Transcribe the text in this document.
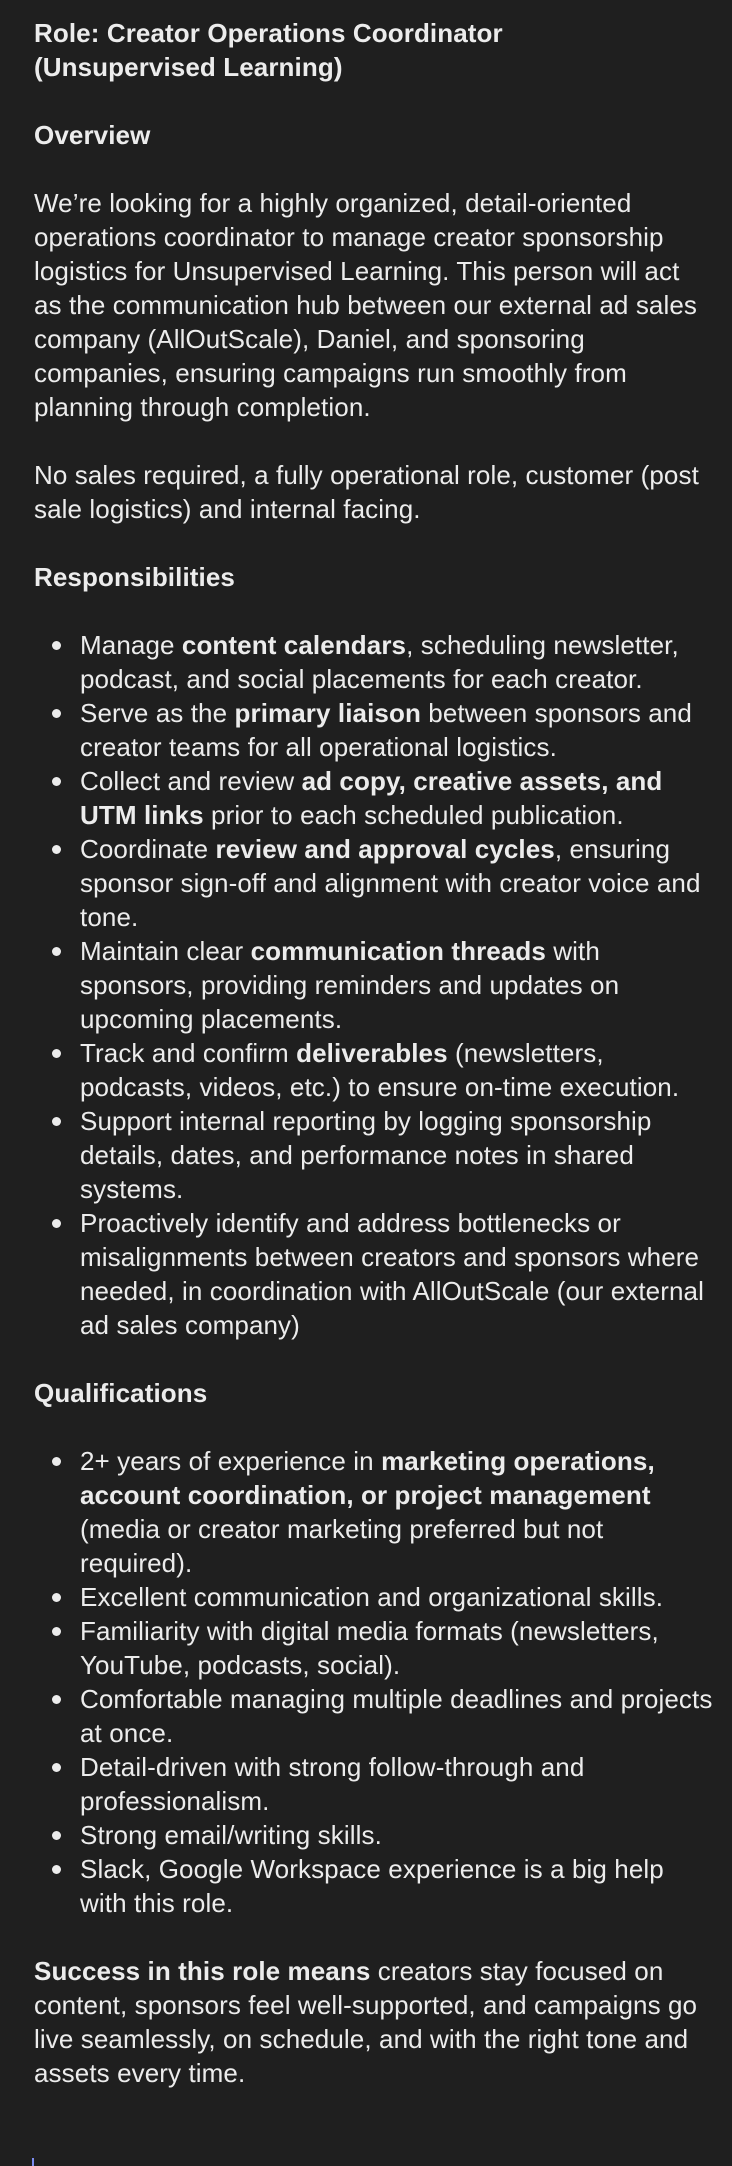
Role: Creator Operations Coordinator
(Unsupervised Learning)
Overview

We’re looking for a highly organized, detail-oriented operations coordinator to manage creator sponsorship logistics for Unsupervised Learning. This person will act as the communication hub between our external ad sales company (AllOutScale), Daniel, and sponsoring companies, ensuring campaigns run smoothly from planning through completion.

No sales required, a fully operational role, customer (post sale logistics) and internal facing.

Responsibilities
Manage content calendars, scheduling newsletter, podcast, and social placements for each creator.
Serve as the primary liaison between sponsors and creator teams for all operational logistics.
Collect and review ad copy, creative assets, and UTM links prior to each scheduled publication.
Coordinate review and approval cycles, ensuring sponsor sign-off and alignment with creator voice and tone.
Maintain clear communication threads with sponsors, providing reminders and updates on upcoming placements.
Track and confirm deliverables (newsletters, podcasts, videos, etc.) to ensure on-time execution.
Support internal reporting by logging sponsorship details, dates, and performance notes in shared systems.
Proactively identify and address bottlenecks or misalignments between creators and sponsors where needed, in coordination with AllOutScale (our external ad sales company)
Qualifications
2+ years of experience in marketing operations, account coordination, or project management (media or creator marketing preferred but not required).
Excellent communication and organizational skills.
Familiarity with digital media formats (newsletters, YouTube, podcasts, social).
Comfortable managing multiple deadlines and projects at once.
Detail-driven with strong follow-through and professionalism.
Strong email/writing skills.
Slack, Google Workspace experience is a big help with this role.

Success in this role means creators stay focused on content, sponsors feel well-supported, and campaigns go live seamlessly, on schedule, and with the right tone and assets every time.
